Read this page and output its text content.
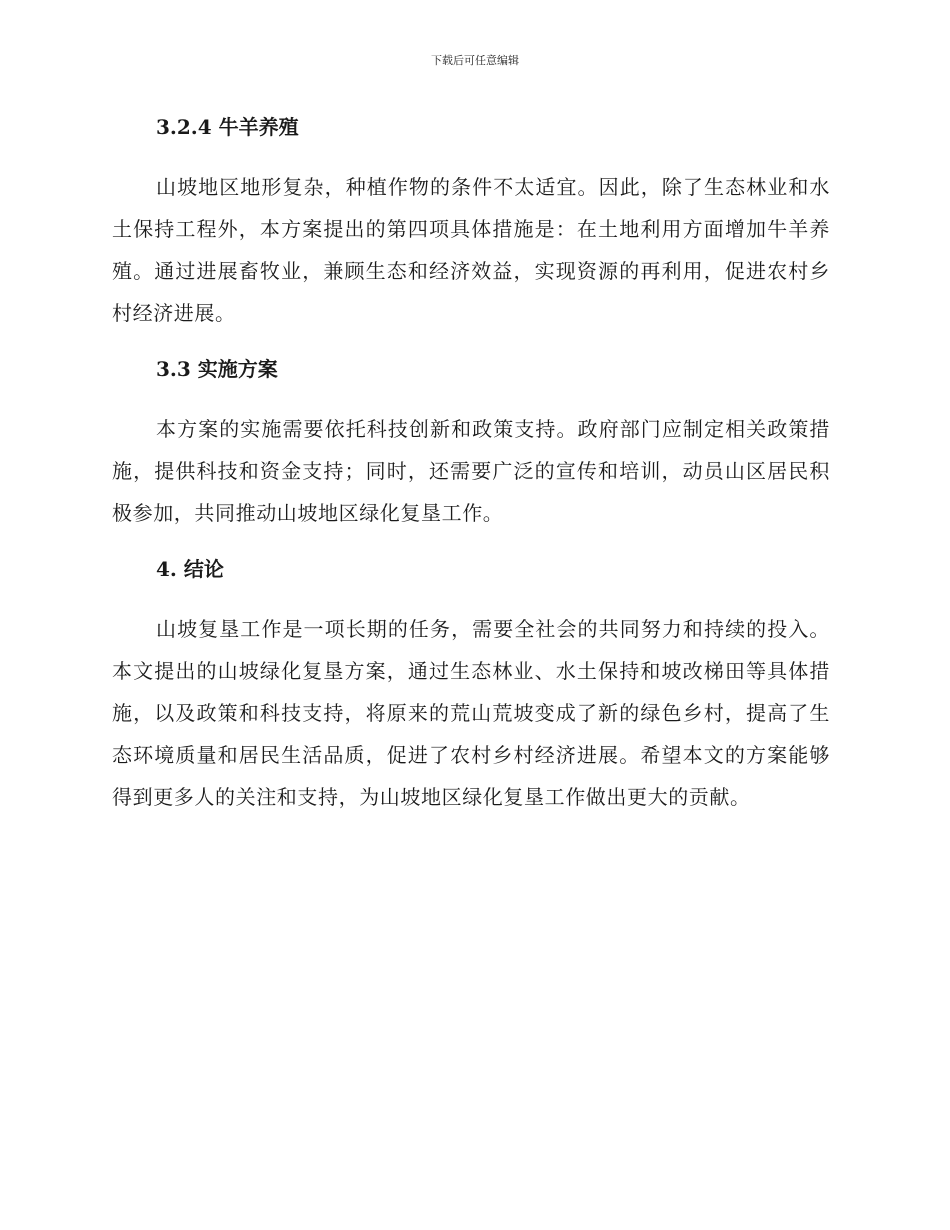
下载后可任意编辑
3.2.4 牛羊养殖

山坡地区地形复杂，种植作物的条件不太适宜。因此，除了生态林业和水土保持工程外，本方案提出的第四项具体措施是：在土地利用方面增加牛羊养殖。通过进展畜牧业，兼顾生态和经济效益，实现资源的再利用，促进农村乡村经济进展。

3.3 实施方案

本方案的实施需要依托科技创新和政策支持。政府部门应制定相关政策措施，提供科技和资金支持；同时，还需要广泛的宣传和培训，动员山区居民积极参加，共同推动山坡地区绿化复垦工作。

4. 结论

山坡复垦工作是一项长期的任务，需要全社会的共同努力和持续的投入。本文提出的山坡绿化复垦方案，通过生态林业、水土保持和坡改梯田等具体措施，以及政策和科技支持，将原来的荒山荒坡变成了新的绿色乡村，提高了生态环境质量和居民生活品质，促进了农村乡村经济进展。希望本文的方案能够得到更多人的关注和支持，为山坡地区绿化复垦工作做出更大的贡献。
